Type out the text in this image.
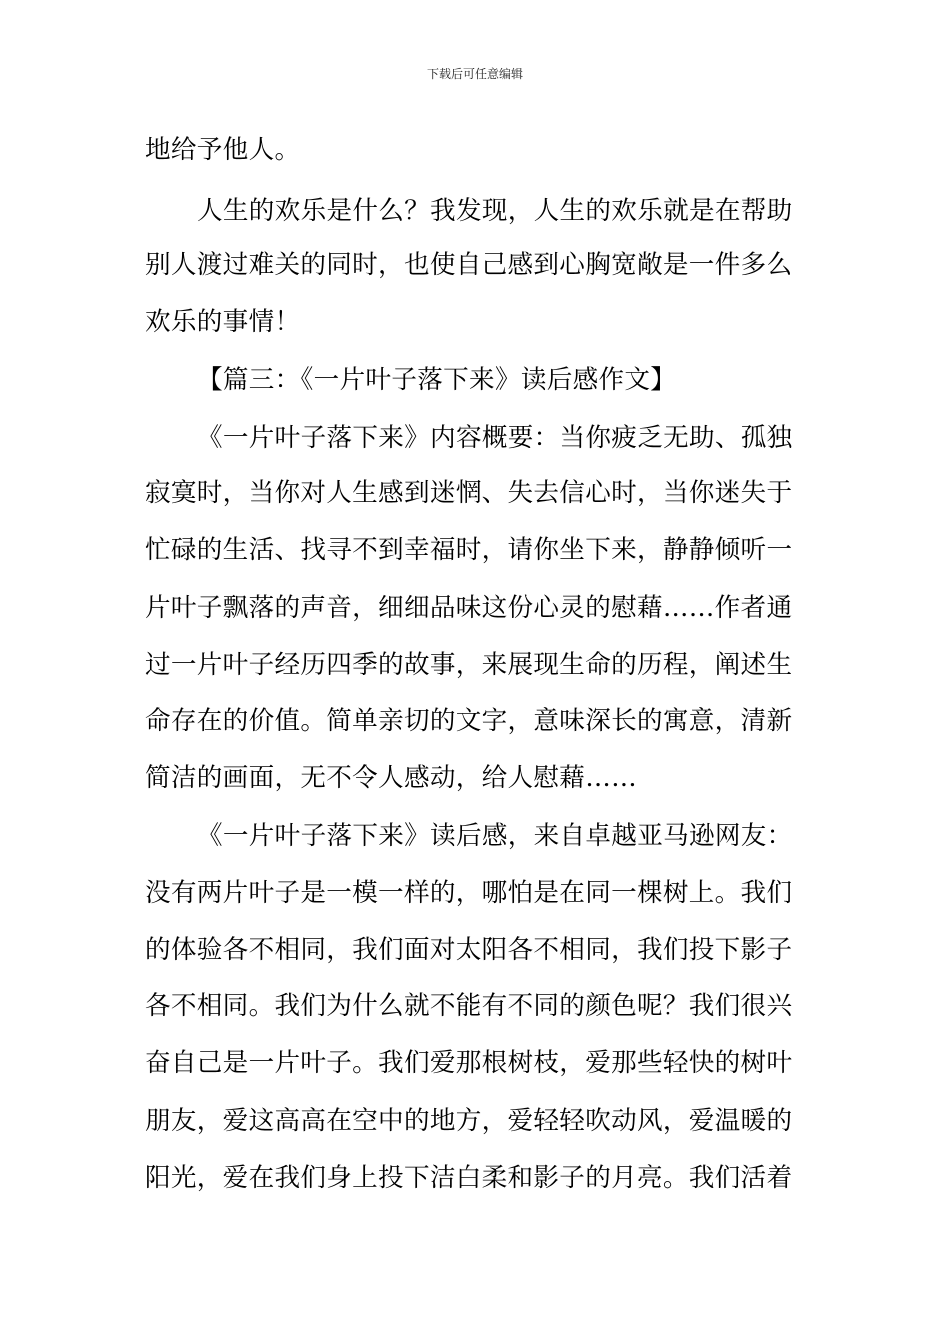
下载后可任意编辑
地给予他人。
人生的欢乐是什么？我发现，人生的欢乐就是在帮助
别人渡过难关的同时，也使自己感到心胸宽敞是一件多么
欢乐的事情！
【篇三：《一片叶子落下来》读后感作文】
《一片叶子落下来》内容概要：当你疲乏无助、孤独
寂寞时，当你对人生感到迷惘、失去信心时，当你迷失于
忙碌的生活、找寻不到幸福时，请你坐下来，静静倾听一
片叶子飘落的声音，细细品味这份心灵的慰藉……作者通
过一片叶子经历四季的故事，来展现生命的历程，阐述生
命存在的价值。简单亲切的文字，意味深长的寓意，清新
简洁的画面，无不令人感动，给人慰藉……
《一片叶子落下来》读后感，来自卓越亚马逊网友：
没有两片叶子是一模一样的，哪怕是在同一棵树上。我们
的体验各不相同，我们面对太阳各不相同，我们投下影子
各不相同。我们为什么就不能有不同的颜色呢？我们很兴
奋自己是一片叶子。我们爱那根树枝，爱那些轻快的树叶
朋友，爱这高高在空中的地方，爱轻轻吹动风，爱温暖的
阳光，爱在我们身上投下洁白柔和影子的月亮。我们活着
